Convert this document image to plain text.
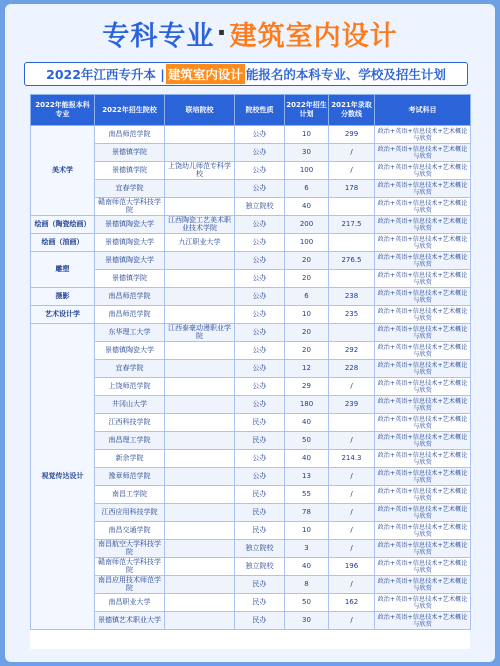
专科专业 · 建筑室内设计
2022年江西专升本 | 建筑室内设计 能报名的本科专业、学校及招生计划
2022年能报本科专业	2022年招生院校	联培院校	院校性质	2022年招生计划	2021年录取分数线	考试科目
美术学	南昌师范学院		公办	10	299	政治+英语+信息技术+艺术概论与欣赏
	景德镇学院		公办	30	/	政治+英语+信息技术+艺术概论与欣赏
	景德镇学院	上饶幼儿师范专科学校	公办	100	/	政治+英语+信息技术+艺术概论与欣赏
	宜春学院		公办	6	178	政治+英语+信息技术+艺术概论与欣赏
	赣南师范大学科技学院		独立院校	40		政治+英语+信息技术+艺术概论与欣赏
绘画（陶瓷绘画）	景德镇陶瓷大学	江西陶瓷工艺美术职业技术学院	公办	200	217.5	政治+英语+信息技术+艺术概论与欣赏
绘画（油画）	景德镇陶瓷大学	九江职业大学	公办	100		政治+英语+信息技术+艺术概论与欣赏
雕塑	景德镇陶瓷大学		公办	20	276.5	政治+英语+信息技术+艺术概论与欣赏
	景德镇学院		公办	20		政治+英语+信息技术+艺术概论与欣赏
摄影	南昌师范学院		公办	6	238	政治+英语+信息技术+艺术概论与欣赏
艺术设计学	南昌师范学院		公办	10	235	政治+英语+信息技术+艺术概论与欣赏
视觉传达设计	东华理工大学	江西泰豪动漫职业学院	公办	20		政治+英语+信息技术+艺术概论与欣赏
	景德镇陶瓷大学		公办	20	292	政治+英语+信息技术+艺术概论与欣赏
	宜春学院		公办	12	228	政治+英语+信息技术+艺术概论与欣赏
	上饶师范学院		公办	29	/	政治+英语+信息技术+艺术概论与欣赏
	井冈山大学		公办	180	239	政治+英语+信息技术+艺术概论与欣赏
	江西科技学院		民办	40		政治+英语+信息技术+艺术概论与欣赏
	南昌理工学院		民办	50	/	政治+英语+信息技术+艺术概论与欣赏
	新余学院		公办	40	214.3	政治+英语+信息技术+艺术概论与欣赏
	豫章师范学院		公办	13	/	政治+英语+信息技术+艺术概论与欣赏
	南昌工学院		民办	55	/	政治+英语+信息技术+艺术概论与欣赏
	江西应用科技学院		民办	78	/	政治+英语+信息技术+艺术概论与欣赏
	南昌交通学院		民办	10	/	政治+英语+信息技术+艺术概论与欣赏
	南昌航空大学科技学院		独立院校	3	/	政治+英语+信息技术+艺术概论与欣赏
	赣南师范大学科技学院		独立院校	40	196	政治+英语+信息技术+艺术概论与欣赏
	南昌应用技术师范学院		民办	8	/	政治+英语+信息技术+艺术概论与欣赏
	南昌职业大学		民办	50	162	政治+英语+信息技术+艺术概论与欣赏
	景德镇艺术职业大学		民办	30	/	政治+英语+信息技术+艺术概论与欣赏
